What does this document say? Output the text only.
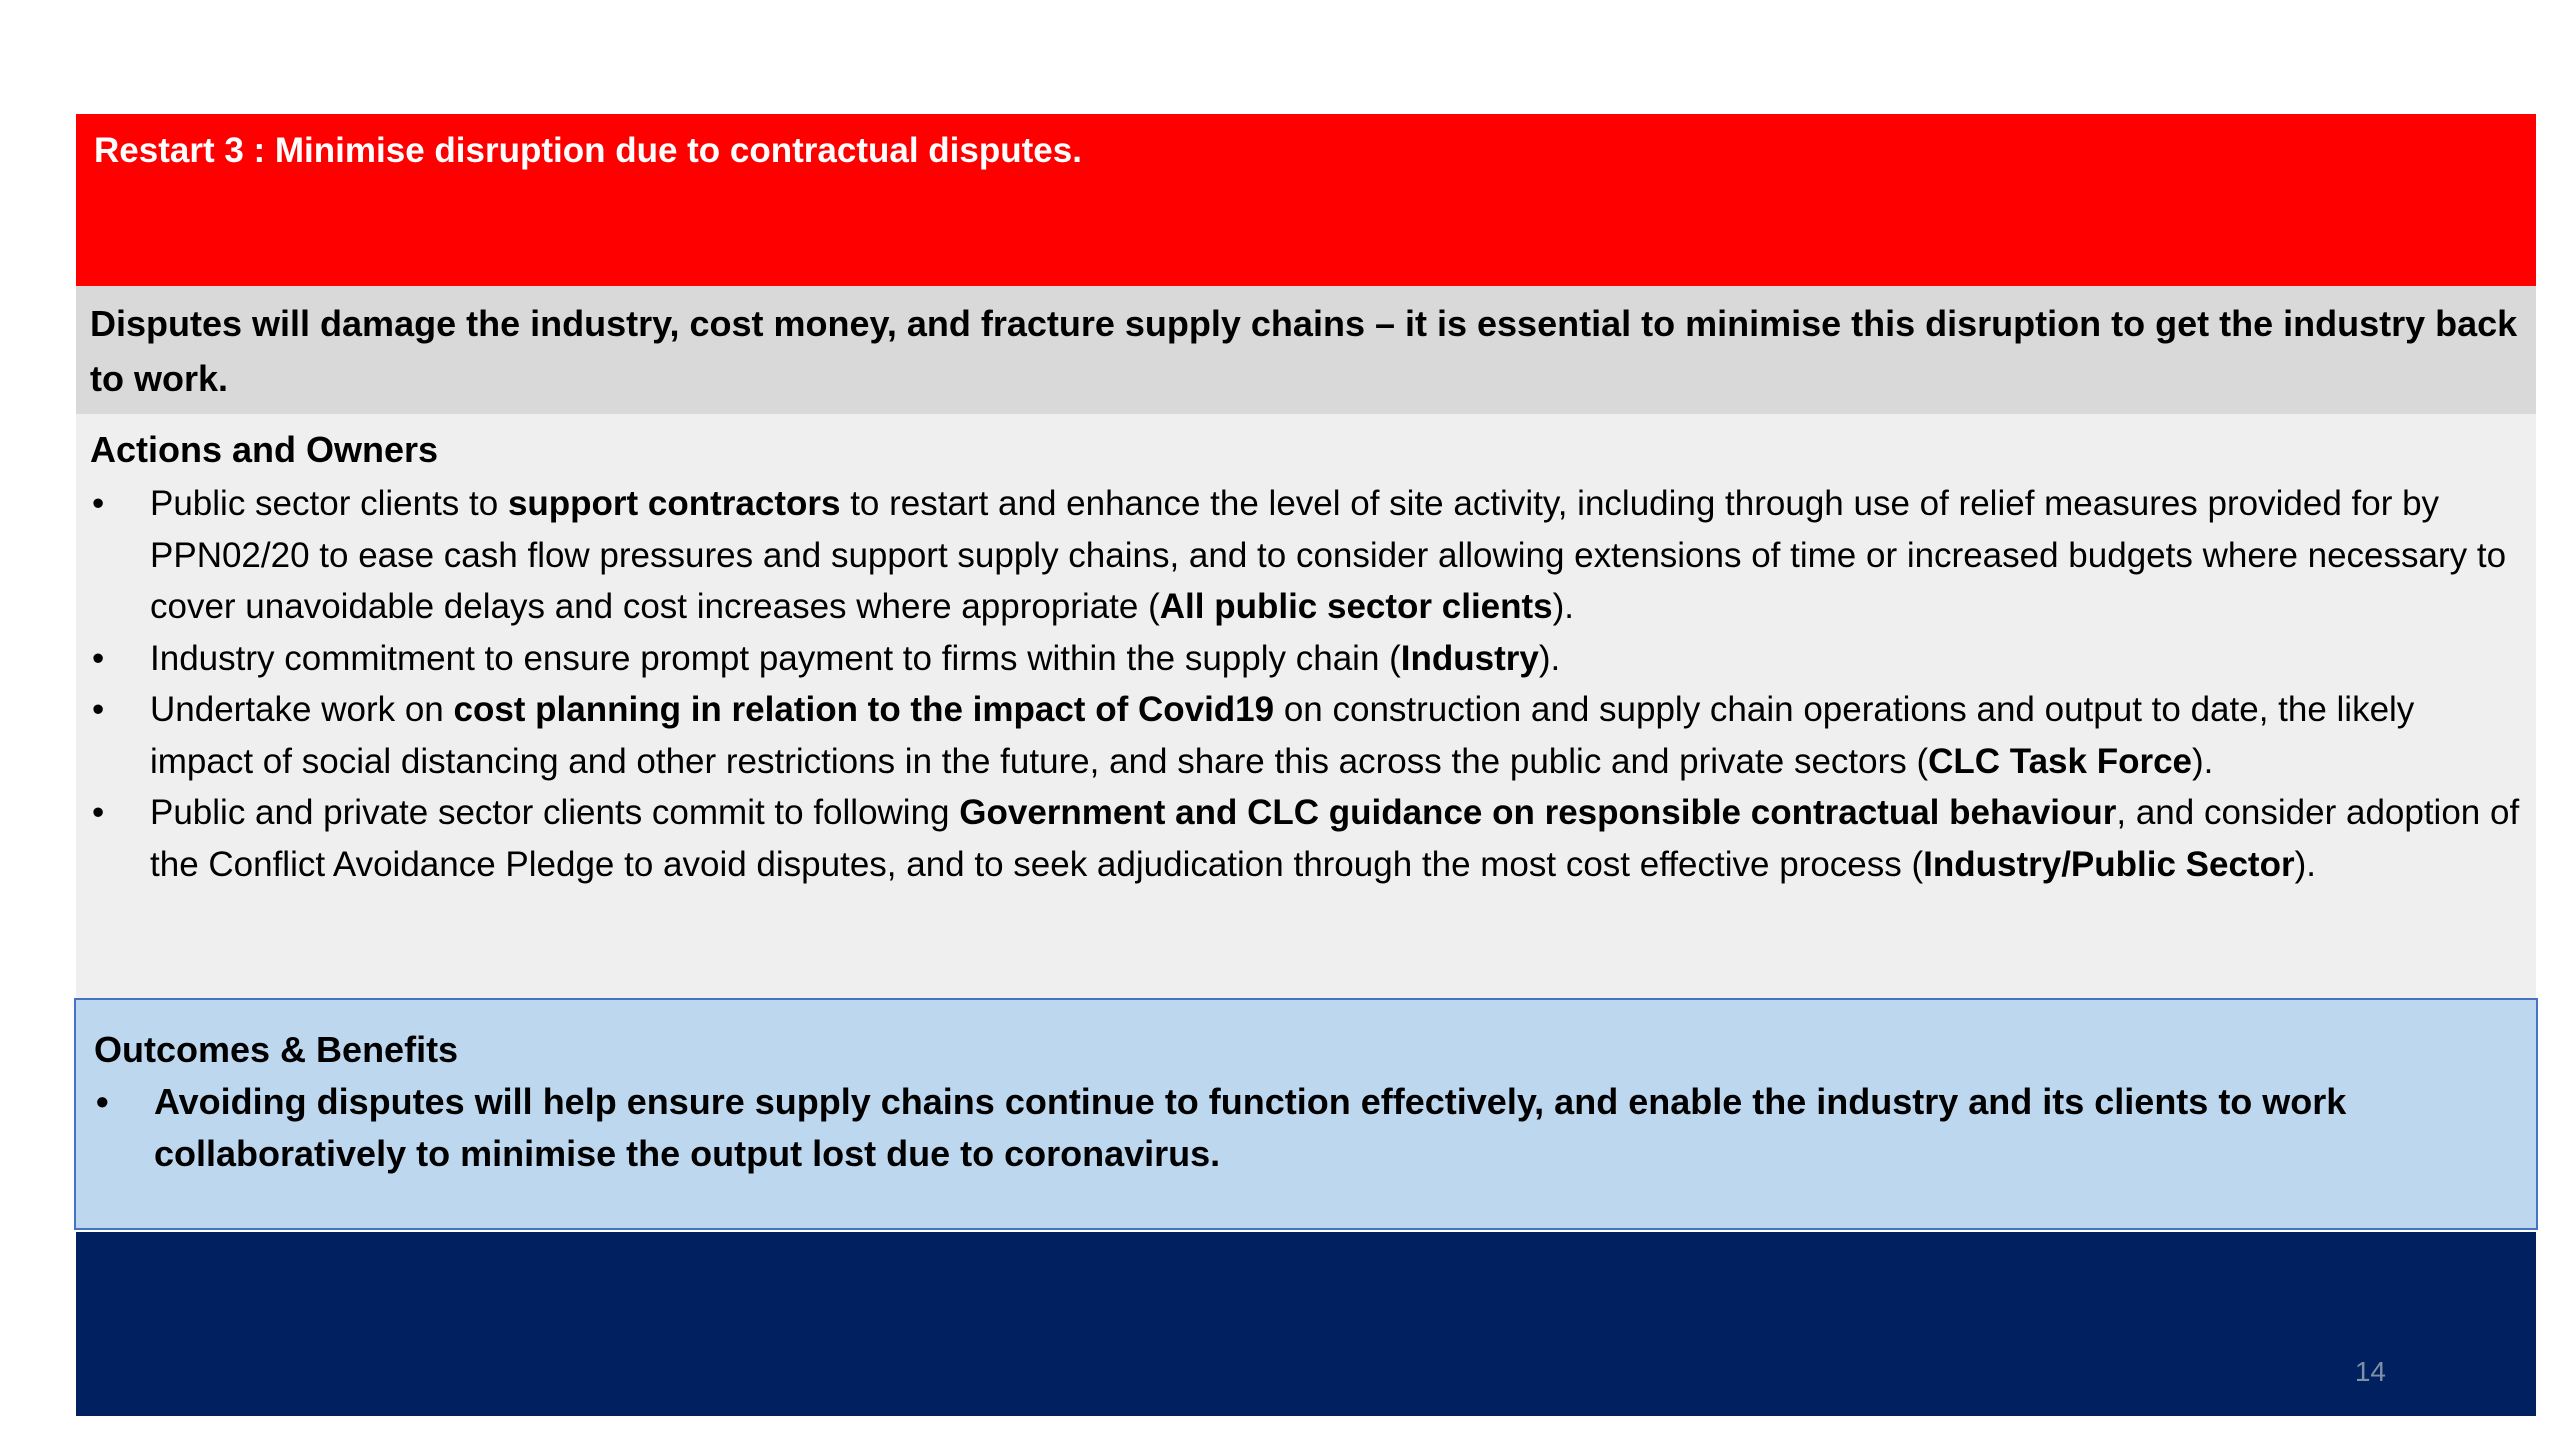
Restart 3 : Minimise disruption due to contractual disputes.
Disputes will damage the industry, cost money, and fracture supply chains – it is essential to minimise this disruption to get the industry back to work.
Actions and Owners
• Public sector clients to support contractors to restart and enhance the level of site activity, including through use of relief measures provided for by PPN02/20 to ease cash flow pressures and support supply chains, and to consider allowing extensions of time or increased budgets where necessary to cover unavoidable delays and cost increases where appropriate (All public sector clients).
• Industry commitment to ensure prompt payment to firms within the supply chain (Industry).
• Undertake work on cost planning in relation to the impact of Covid19 on construction and supply chain operations and output to date, the likely impact of social distancing and other restrictions in the future, and share this across the public and private sectors (CLC Task Force).
• Public and private sector clients commit to following Government and CLC guidance on responsible contractual behaviour, and consider adoption of the Conflict Avoidance Pledge to avoid disputes, and to seek adjudication through the most cost effective process (Industry/Public Sector).
Outcomes & Benefits
• Avoiding disputes will help ensure supply chains continue to function effectively, and enable the industry and its clients to work collaboratively to minimise the output lost due to coronavirus.
14
